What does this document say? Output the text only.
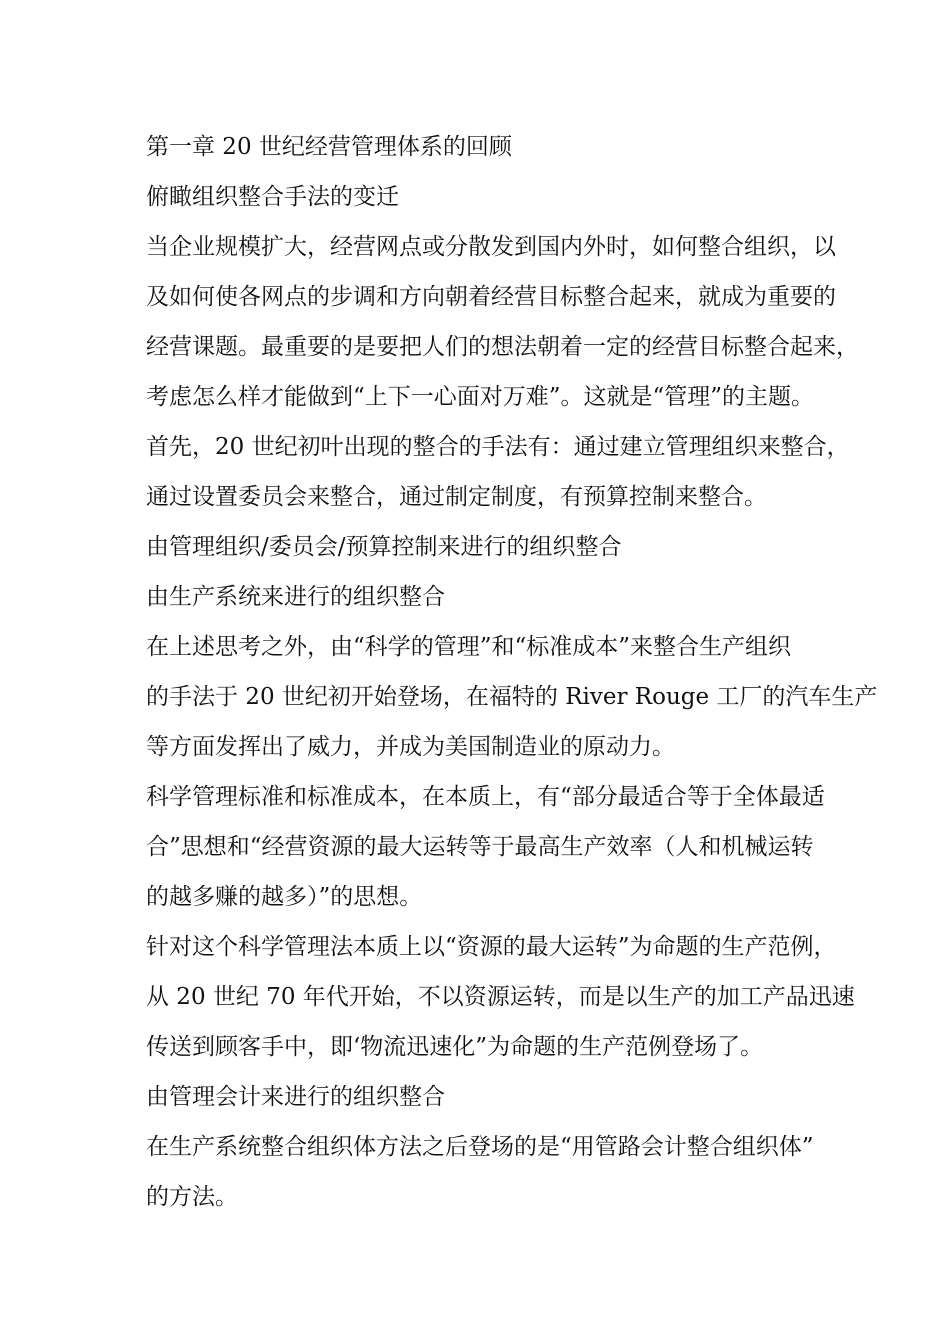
第一章 20 世纪经营管理体系的回顾
俯瞰组织整合手法的变迁
当企业规模扩大，经营网点或分散发到国内外时，如何整合组织，以
及如何使各网点的步调和方向朝着经营目标整合起来，就成为重要的
经营课题。最重要的是要把人们的想法朝着一定的经营目标整合起来，
考虑怎么样才能做到“上下一心面对万难”。这就是“管理”的主题。
首先，20 世纪初叶出现的整合的手法有：通过建立管理组织来整合，
通过设置委员会来整合，通过制定制度，有预算控制来整合。
由管理组织/委员会/预算控制来进行的组织整合
由生产系统来进行的组织整合
在上述思考之外，由“科学的管理”和“标准成本”来整合生产组织
的手法于 20 世纪初开始登场，在福特的 River Rouge 工厂的汽车生产
等方面发挥出了威力，并成为美国制造业的原动力。
科学管理标准和标准成本，在本质上，有“部分最适合等于全体最适
合”思想和“经营资源的最大运转等于最高生产效率（人和机械运转
的越多赚的越多）”的思想。
针对这个科学管理法本质上以“资源的最大运转”为命题的生产范例，
从 20 世纪 70 年代开始，不以资源运转，而是以生产的加工产品迅速
传送到顾客手中，即‘物流迅速化”为命题的生产范例登场了。
由管理会计来进行的组织整合
在生产系统整合组织体方法之后登场的是“用管路会计整合组织体”
的方法。
